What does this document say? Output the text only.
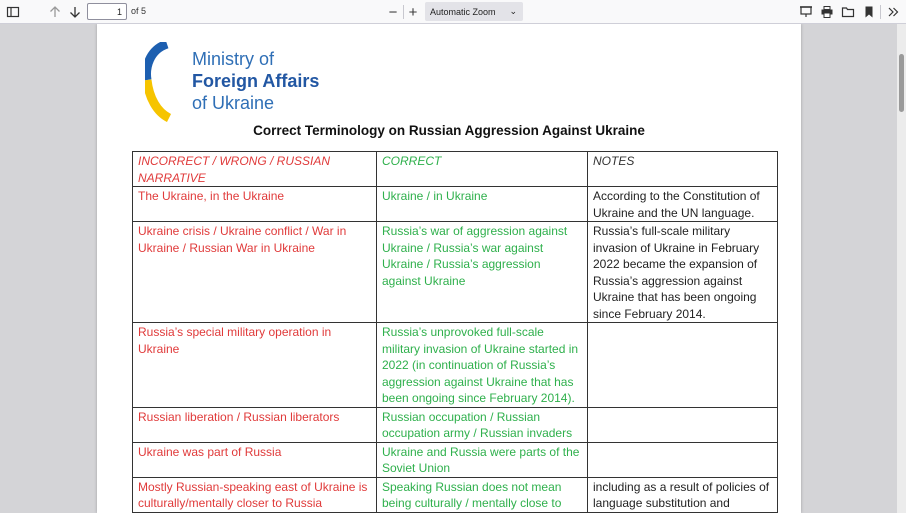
1
of 5	− +	Automatic Zoom ⌄
Ministry of
Foreign Affairs
of Ukraine
Correct Terminology on Russian Aggression Against Ukraine
INCORRECT / WRONG / RUSSIAN NARRATIVE	CORRECT	NOTES
The Ukraine, in the Ukraine	Ukraine / in Ukraine	According to the Constitution of Ukraine and the UN language.
Ukraine crisis / Ukraine conflict / War in Ukraine / Russian War in Ukraine	Russia’s war of aggression against Ukraine / Russia’s war against Ukraine / Russia’s aggression against Ukraine	Russia’s full-scale military invasion of Ukraine in February 2022 became the expansion of Russia’s aggression against Ukraine that has been ongoing since February 2014.
Russia’s special military operation in Ukraine	Russia’s unprovoked full-scale military invasion of Ukraine started in 2022 (in continuation of Russia’s aggression against Ukraine that has been ongoing since February 2014).	
Russian liberation / Russian liberators	Russian occupation / Russian occupation army / Russian invaders	
Ukraine was part of Russia	Ukraine and Russia were parts of the Soviet Union	
Mostly Russian-speaking east of Ukraine is culturally/mentally closer to Russia	Speaking Russian does not mean being culturally / mentally close to	including as a result of policies of language substitution and
